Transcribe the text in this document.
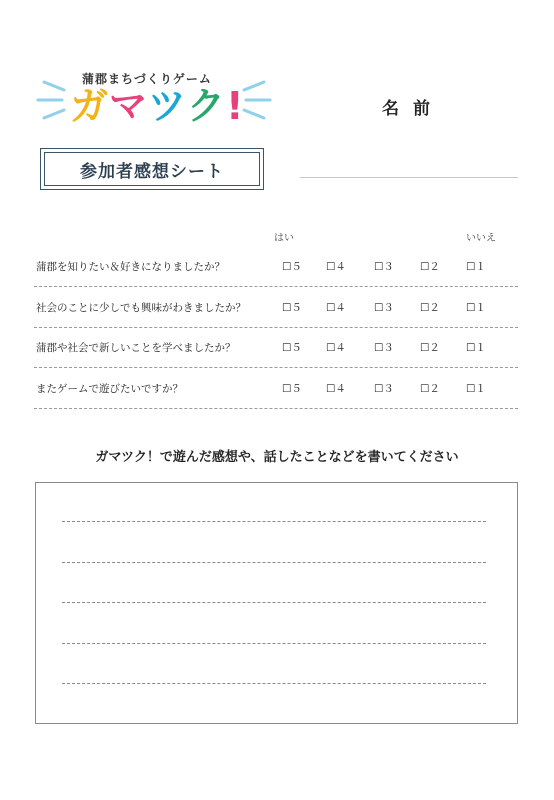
蒲郡まちづくりゲーム
ガマツク!	名前
参加者感想シート
はい	いいえ
蒲郡を知りたい＆好きになりましたか？	☐５ ☐４	☐３ ☐２ ☐１
社会のことに少しでも興味がわきましたか？	☐５ ☐４	☐３ ☐２ ☐１
蒲郡や社会で新しいことを学べましたか？	☐５ ☐４	☐３ ☐２ ☐１
またゲームで遊びたいですか？	☐５ ☐４	☐３ ☐２ ☐１
ガマツク！で遊んだ感想や、話したことなどを書いてください
